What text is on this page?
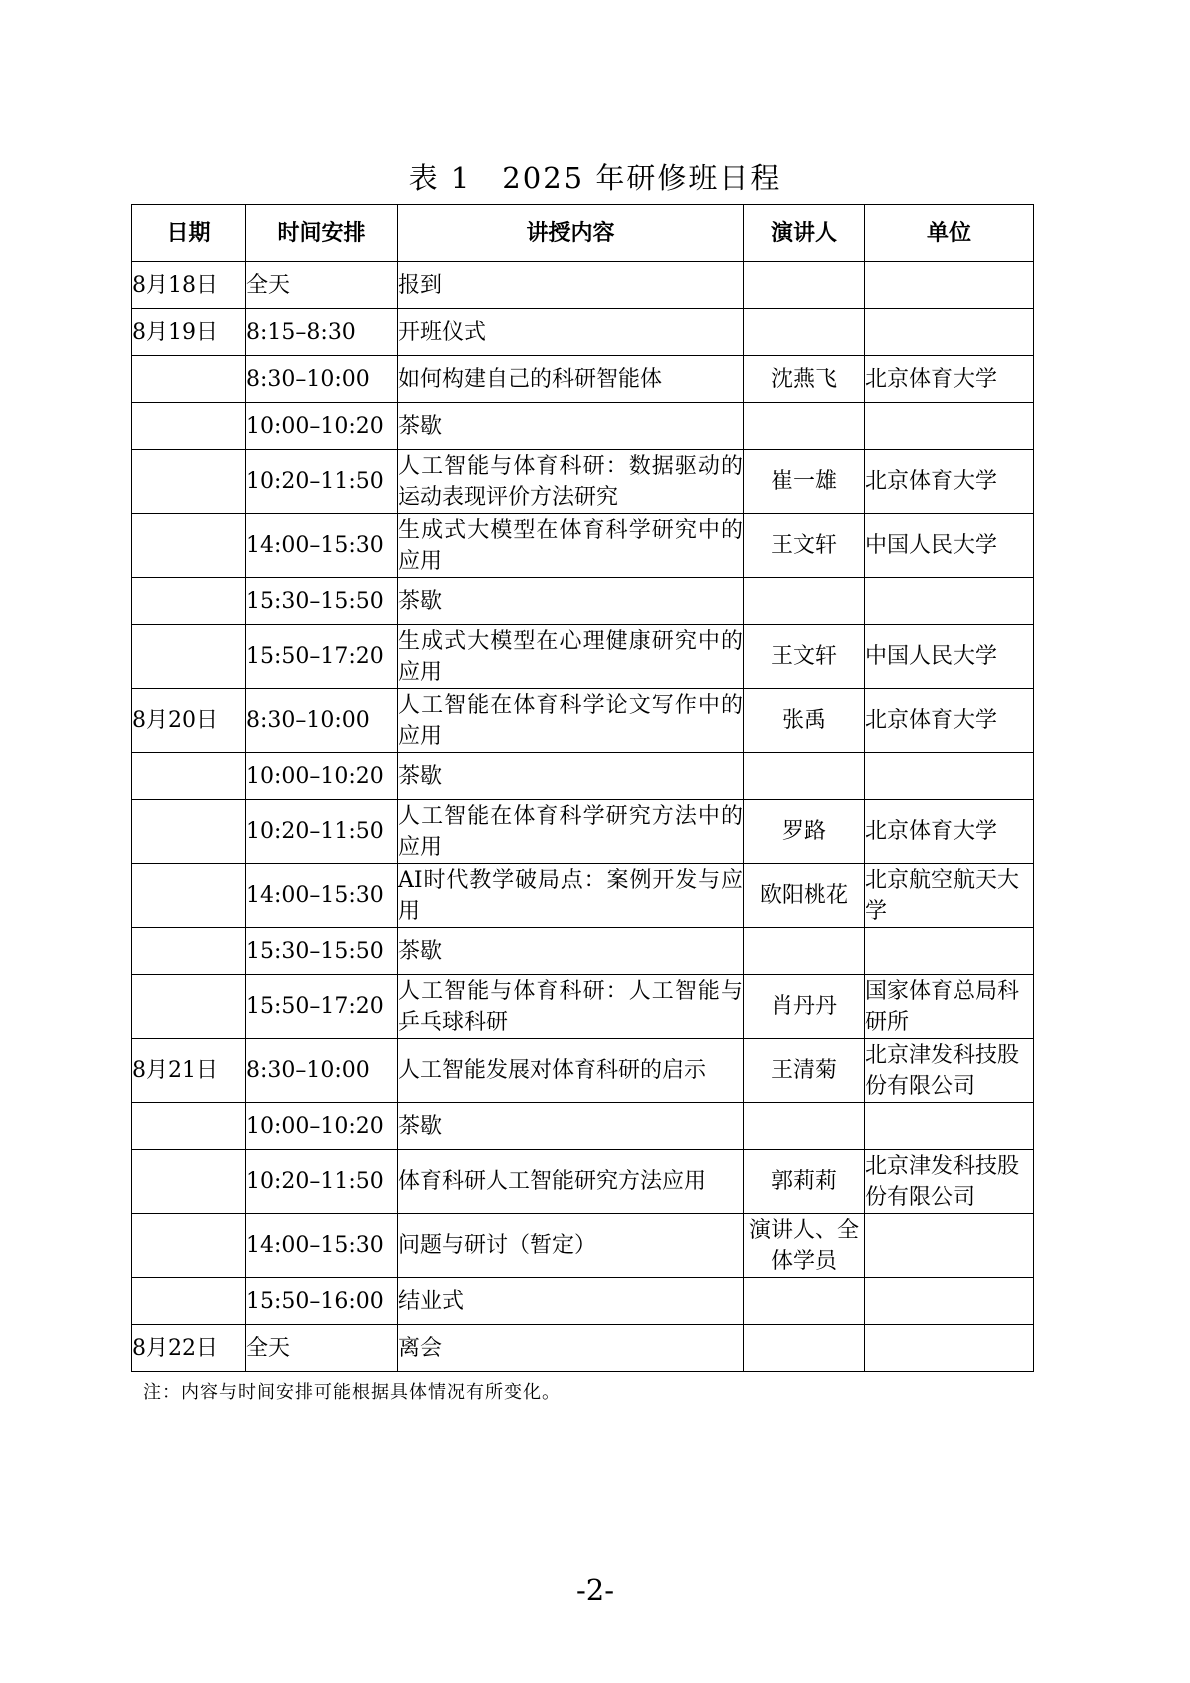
表 1　2025 年研修班日程
日期	时间安排	讲授内容	演讲人	单位
8月18日	全天	报到		
8月19日	8:15–8:30	开班仪式		
	8:30–10:00	如何构建自己的科研智能体	沈燕飞	北京体育大学
	10:00–10:20	茶歇		
	10:20–11:50	人工智能与体育科研：数据驱动的运动表现评价方法研究	崔一雄	北京体育大学
	14:00–15:30	生成式大模型在体育科学研究中的应用	王文轩	中国人民大学
	15:30–15:50	茶歇		
	15:50–17:20	生成式大模型在心理健康研究中的应用	王文轩	中国人民大学
8月20日	8:30–10:00	人工智能在体育科学论文写作中的应用	张禹	北京体育大学
	10:00–10:20	茶歇		
	10:20–11:50	人工智能在体育科学研究方法中的应用	罗路	北京体育大学
	14:00–15:30	AI时代教学破局点：案例开发与应用	欧阳桃花	北京航空航天大学
	15:30–15:50	茶歇		
	15:50–17:20	人工智能与体育科研：人工智能与乒乓球科研	肖丹丹	国家体育总局科研所
8月21日	8:30–10:00	人工智能发展对体育科研的启示	王清菊	北京津发科技股份有限公司
	10:00–10:20	茶歇		
	10:20–11:50	体育科研人工智能研究方法应用	郭莉莉	北京津发科技股份有限公司
	14:00–15:30	问题与研讨（暂定）	演讲人、全体学员	
	15:50–16:00	结业式		
8月22日	全天	离会		
注：内容与时间安排可能根据具体情况有所变化。
-2-
